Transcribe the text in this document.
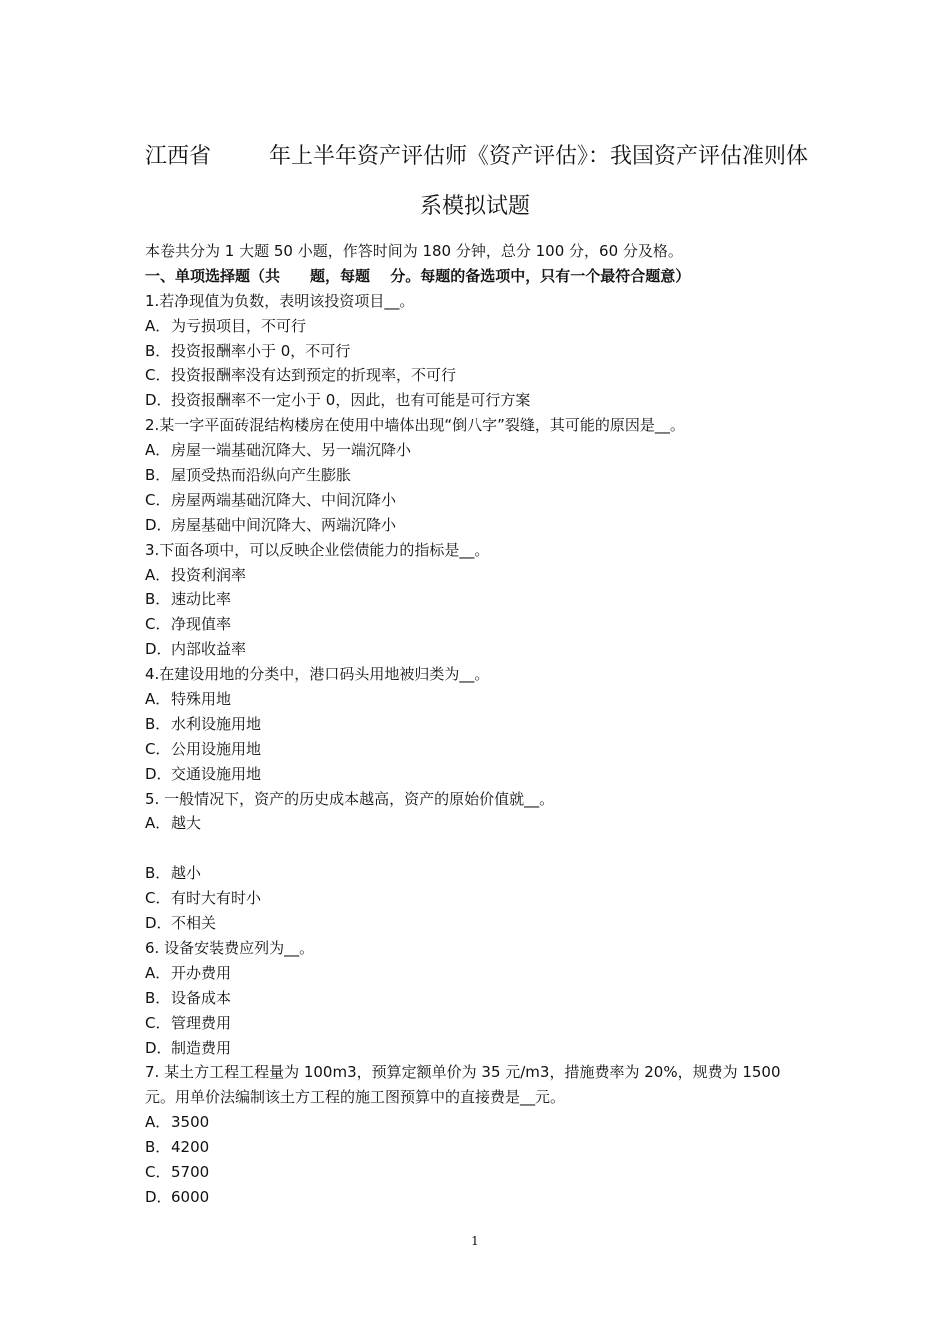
江西省	年上半年资产评估师《资产评估》：我国资产评估准则体
系模拟试题
本卷共分为 1 大题 50 小题，作答时间为 180 分钟，总分 100 分，60 分及格。
一、单项选择题（共　　题，每题　 分。每题的备选项中，只有一个最符合题意）
1.若净现值为负数，表明该投资项目__。
A．为亏损项目，不可行
B．投资报酬率小于 0，不可行
C．投资报酬率没有达到预定的折现率，不可行
D．投资报酬率不一定小于 0，因此，也有可能是可行方案
2.某一字平面砖混结构楼房在使用中墙体出现“倒八字”裂缝，其可能的原因是__。
A．房屋一端基础沉降大、另一端沉降小
B．屋顶受热而沿纵向产生膨胀
C．房屋两端基础沉降大、中间沉降小
D．房屋基础中间沉降大、两端沉降小
3.下面各项中，可以反映企业偿债能力的指标是__。
A．投资利润率
B．速动比率
C．净现值率
D．内部收益率
4.在建设用地的分类中，港口码头用地被归类为__。
A．特殊用地
B．水利设施用地
C．公用设施用地
D．交通设施用地
5. 一般情况下，资产的历史成本越高，资产的原始价值就__。
A．越大
B．越小
C．有时大有时小
D．不相关
6. 设备安装费应列为__。
A．开办费用
B．设备成本
C．管理费用
D．制造费用
7. 某土方工程工程量为 100m3，预算定额单价为 35 元/m3，措施费率为 20%，规费为 1500 元。用单价法编制该土方工程的施工图预算中的直接费是__元。
A．3500
B．4200
C．5700
D．6000
1
